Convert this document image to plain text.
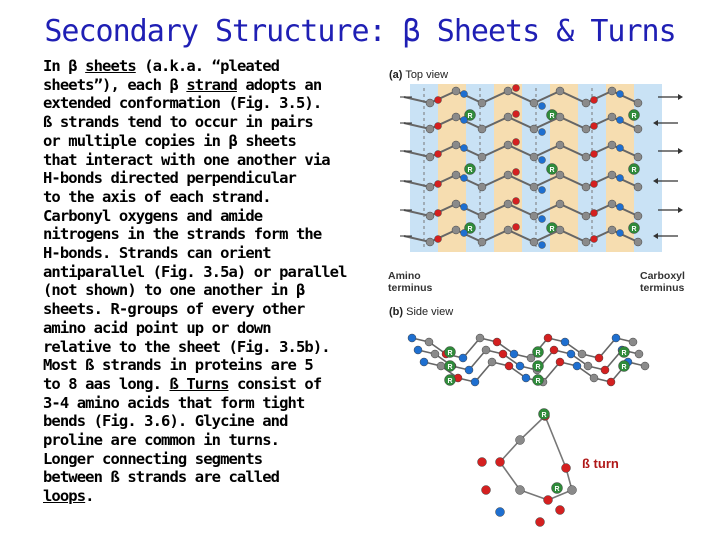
Secondary Structure: β Sheets & Turns
In β sheets (a.k.a. “pleated
sheets”), each β strand adopts an
extended conformation (Fig. 3.5).
ß strands tend to occur in pairs
or multiple copies in β sheets
that interact with one another via
H-bonds directed perpendicular
to the axis of each strand.
Carbonyl oxygens and amide
nitrogens in the strands form the
H-bonds. Strands can orient
antiparallel (Fig. 3.5a) or parallel
(not shown) to one another in β
sheets. R-groups of every other
amino acid point up or down
relative to the sheet (Fig. 3.5b).
Most ß strands in proteins are 5
to 8 aas long. ß Turns consist of
3-4 amino acids that form tight
bends (Fig. 3.6). Glycine and
proline are common in turns.
Longer connecting segments
between ß strands are called
loops.
(a) Top view
(b) Side view
Amino terminus
Carboxyl terminus
ß turn
R	R	R
R	R	R
R	R	R
R
R
R
R
R
R
R
R
R
R
